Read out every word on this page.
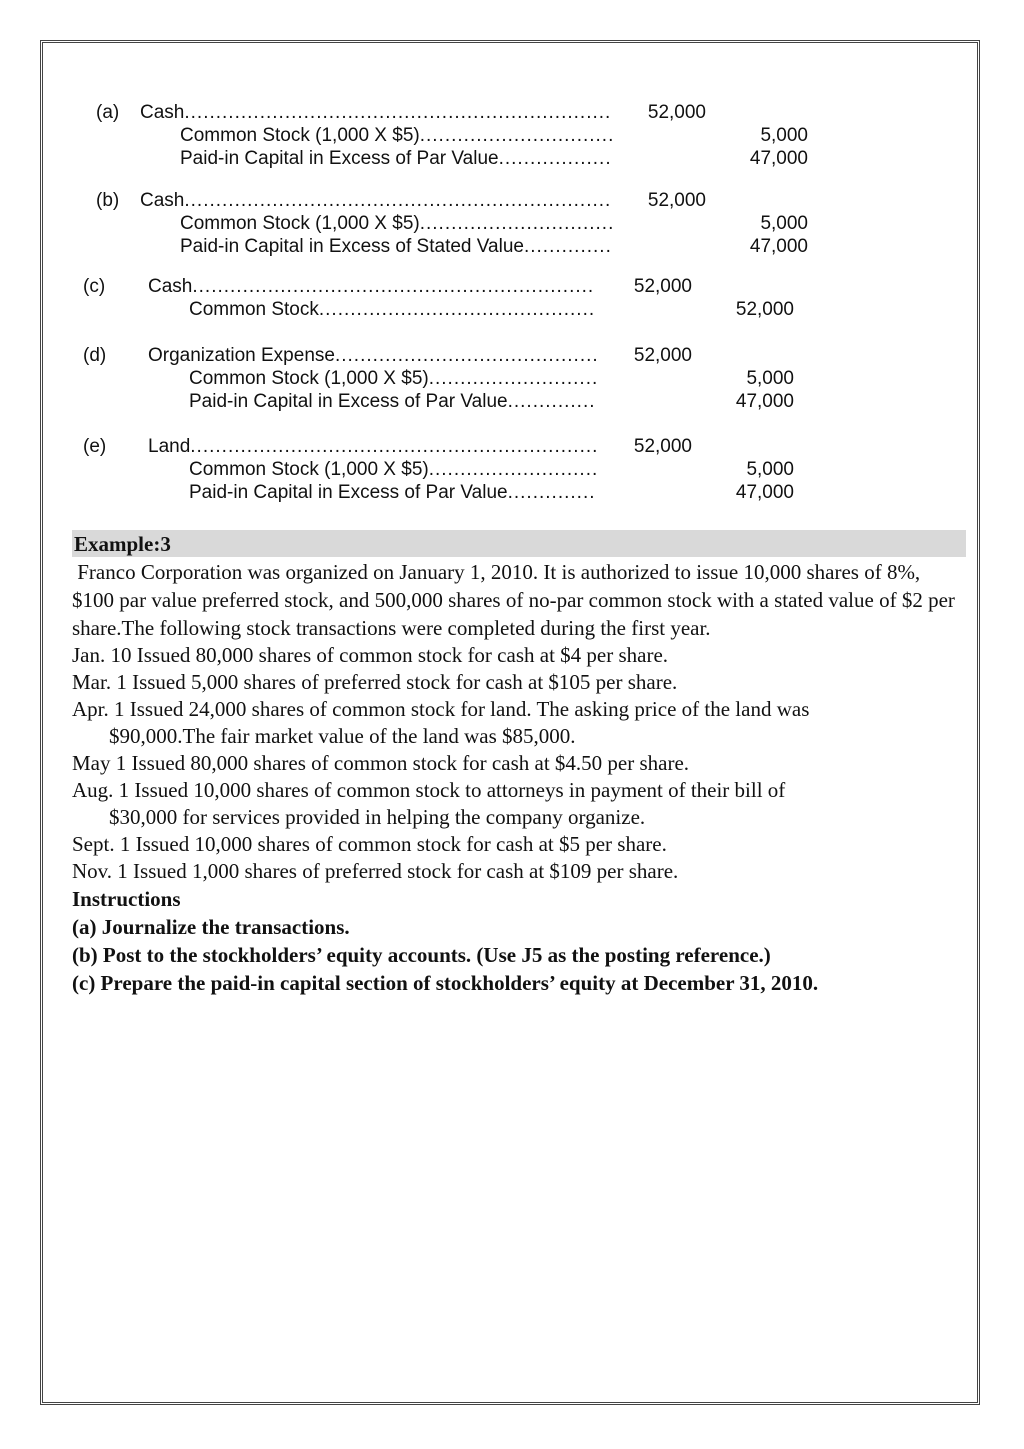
(a) Cash .....	52,000
Common Stock (1,000 X $5) .....	5,000
Paid-in Capital in Excess of Par Value .....	47,000
(b) Cash .....	52,000
Common Stock (1,000 X $5) .....	5,000
Paid-in Capital in Excess of Stated Value .....	47,000
(c) Cash .....	52,000
Common Stock .....	52,000
(d) Organization Expense .....	52,000
Common Stock (1,000 X $5) .....	5,000
Paid-in Capital in Excess of Par Value .....	47,000
(e) Land .....	52,000
Common Stock (1,000 X $5) .....	5,000
Paid-in Capital in Excess of Par Value .....	47,000
Example:3

Franco Corporation was organized on January 1, 2010. It is authorized to issue 10,000 shares of 8%, $100 par value preferred stock, and 500,000 shares of no-par common stock with a stated value of $2 per share.The following stock transactions were completed during the first year.

Jan. 10 Issued 80,000 shares of common stock for cash at $4 per share.

Mar. 1 Issued 5,000 shares of preferred stock for cash at $105 per share.

Apr. 1 Issued 24,000 shares of common stock for land. The asking price of the land was
$90,000.The fair market value of the land was $85,000.

May 1 Issued 80,000 shares of common stock for cash at $4.50 per share.

Aug. 1 Issued 10,000 shares of common stock to attorneys in payment of their bill of
$30,000 for services provided in helping the company organize.

Sept. 1 Issued 10,000 shares of common stock for cash at $5 per share.

Nov. 1 Issued 1,000 shares of preferred stock for cash at $109 per share.

Instructions

(a) Journalize the transactions.

(b) Post to the stockholders’ equity accounts. (Use J5 as the posting reference.)

(c) Prepare the paid-in capital section of stockholders’ equity at December 31, 2010.
